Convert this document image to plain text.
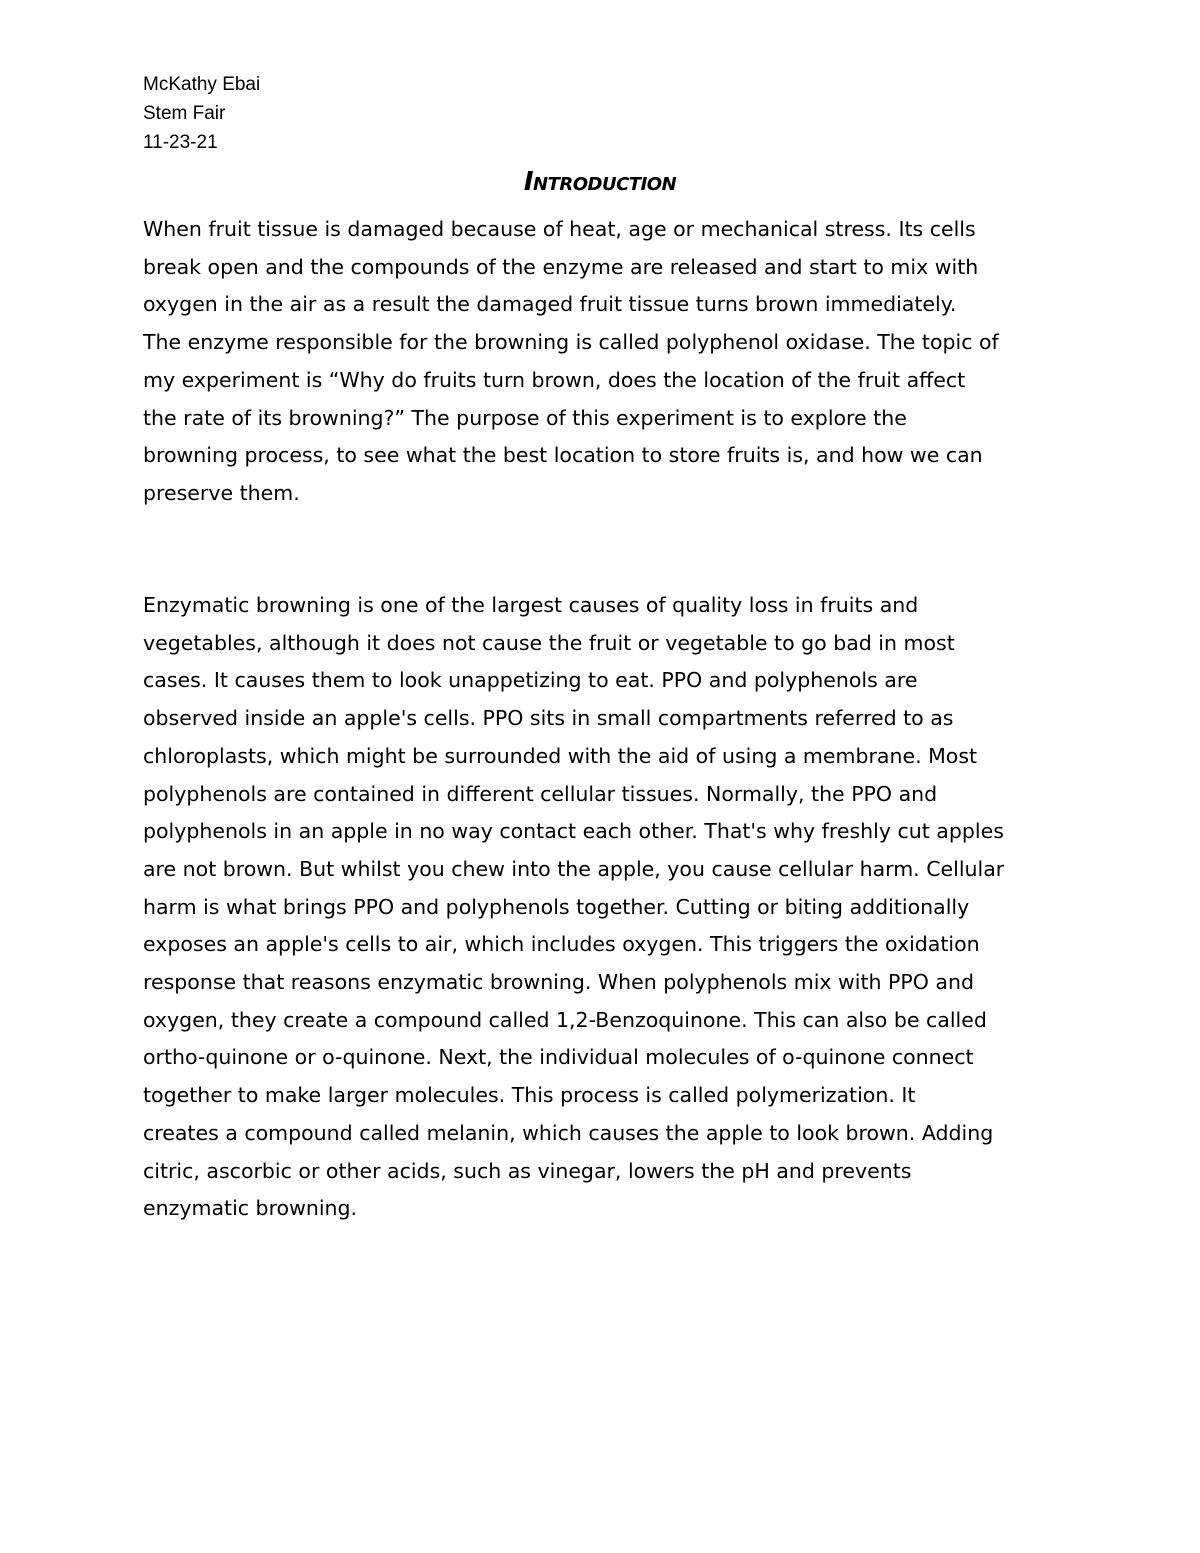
McKathy Ebai
Stem Fair
11-23-21
Introduction
When fruit tissue is damaged because of heat, age or mechanical stress. Its cells
break open and the compounds of the enzyme are released and start to mix with
oxygen in the air as a result the damaged fruit tissue turns brown immediately.
The enzyme responsible for the browning is called polyphenol oxidase. The topic of
my experiment is “Why do fruits turn brown, does the location of the fruit affect
the rate of its browning?” The purpose of this experiment is to explore the
browning process, to see what the best location to store fruits is, and how we can
preserve them.
Enzymatic browning is one of the largest causes of quality loss in fruits and
vegetables, although it does not cause the fruit or vegetable to go bad in most
cases. It causes them to look unappetizing to eat. PPO and polyphenols are
observed inside an apple's cells. PPO sits in small compartments referred to as
chloroplasts, which might be surrounded with the aid of using a membrane. Most
polyphenols are contained in different cellular tissues. Normally, the PPO and
polyphenols in an apple in no way contact each other. That's why freshly cut apples
are not brown. But whilst you chew into the apple, you cause cellular harm. Cellular
harm is what brings PPO and polyphenols together. Cutting or biting additionally
exposes an apple's cells to air, which includes oxygen. This triggers the oxidation
response that reasons enzymatic browning. When polyphenols mix with PPO and
oxygen, they create a compound called 1,2-Benzoquinone. This can also be called
ortho-quinone or o-quinone. Next, the individual molecules of o-quinone connect
together to make larger molecules. This process is called polymerization. It
creates a compound called melanin, which causes the apple to look brown. Adding
citric, ascorbic or other acids, such as vinegar, lowers the pH and prevents
enzymatic browning.
